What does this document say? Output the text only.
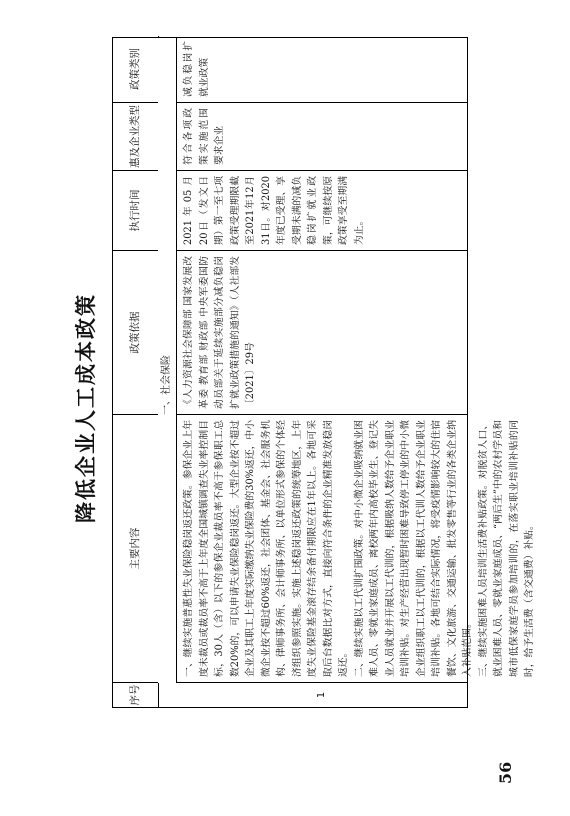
降低企业人工成本政策
56
一、社会保险
序号	1
主要内容	一、继续实施普惠性失业保险稳岗返还政策。参保企业上年度未裁员或裁员率不高于上年度全国城镇调查失业率控制目标，30人（含）以下的参保企业裁员率不高于参保职工总数20%的，可以申请失业保险稳岗返还。大型企业按不超过企业及其职工上年度实际缴纳失业保险费的30%返还，中小微企业按不超过60%返还，社会团体、基金会、社会服务机构、律师事务所、会计师事务所、以单位形式参保的个体经济组织参照实施。实施上述稳岗返还政策的统筹地区，上年度失业保险基金滚存结余备付期限应在1年以上。各地可采取后台数据比对方式，直接向符合条件的企业精准发放稳岗返还。 二、继续实施以工代训扩围政策。对中小微企业吸纳就业困难人员、零就业家庭成员、离校两年内高校毕业生、登记失业人员就业并开展以工代训的，根据吸纳人数给予企业职业培训补贴。对生产经营出现暂时困难导致停工停业的中小微企业组织职工以工代训的，根据以工代训人数给予企业职业培训补贴。各地可结合实际情况，将受疫情影响较大的住宿餐饮、文化旅游、交通运输、批发零售等行业的各类企业纳入补贴范围。 三、继续实施困难人员培训生活费补贴政策。对脱贫人口、就业困难人员、零就业家庭成员、“两后生”中的农村学员和城市低保家庭学员参加培训的，在落实职业培训补贴的同时，给予生活费（含交通费）补贴。

政策依据	《人力资源社会保障部 国家发展改革委 教育部 财政部 中央军委国防动员部关于延续实施部分减负稳岗扩就业政策措施的通知》（人社部发〔2021〕29号
执行时间	2021年05月20日（发文日期）第一至七项政策受理期限截至2021年12月31日。对2020年度已受理、享受期未满的减负稳岗扩就业政策，可继续按原政策享受至期满为止。
惠及企业类型	符合各项政策实施范围要求企业
政策类别	减负稳岗扩就业政策
